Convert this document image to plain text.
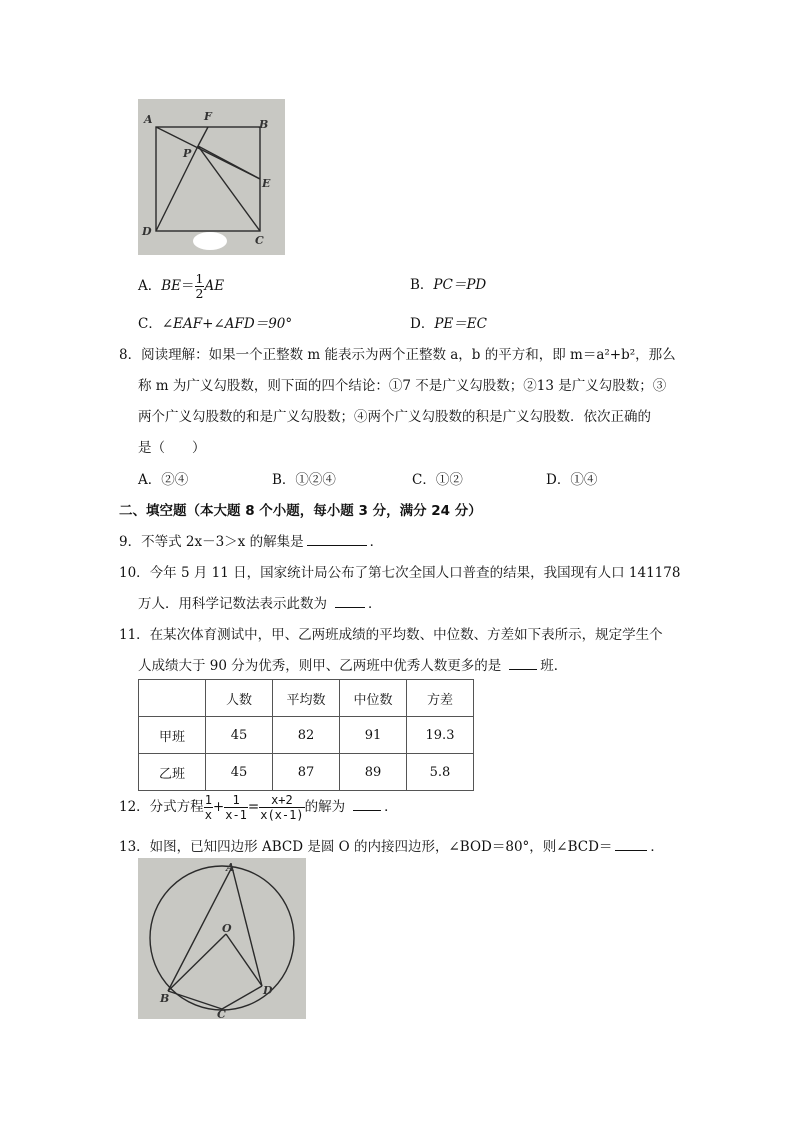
A	F
B
P
E
D
C
A．$BE= \frac{1}{2}$ AE	B．PC＝PD
C．∠EAF+∠AFD＝90°	D．PE＝EC
8．阅读理解：如果一个正整数 m 能表示为两个正整数 a，b 的平方和，即 m＝a²+b²，那么
称 m 为广义勾股数，则下面的四个结论：①7 不是广义勾股数；②13 是广义勾股数；③
两个广义勾股数的和是广义勾股数；④两个广义勾股数的积是广义勾股数．依次正确的
是（　　）
A．②④	B．①②④	C．①②	D．①④
二、填空题（本大题 8 个小题，每小题 3 分，满分 24 分）
9．不等式 2x－3＞x 的解集是	．
10．今年 5 月 11 日，国家统计局公布了第七次全国人口普查的结果，我国现有人口 141178
万人．用科学记数法表示此数为	．
11．在某次体育测试中，甲、乙两班成绩的平均数、中位数、方差如下表所示，规定学生个
人成绩大于 90 分为优秀，则甲、乙两班中优秀人数更多的是	班．
	人数	平均数	中位数	方差
甲班	45	82	91	19.3
乙班	45	87	89	5.8
12．分式方程 $\frac{1}{x} + \frac{1}{x-1} = \frac{x+2}{x(x-1)}$ 的解为	．
13．如图，已知四边形 ABCD 是圆 O 的内接四边形，∠BOD＝80°，则∠BCD＝	．
A
O
B
D
C
